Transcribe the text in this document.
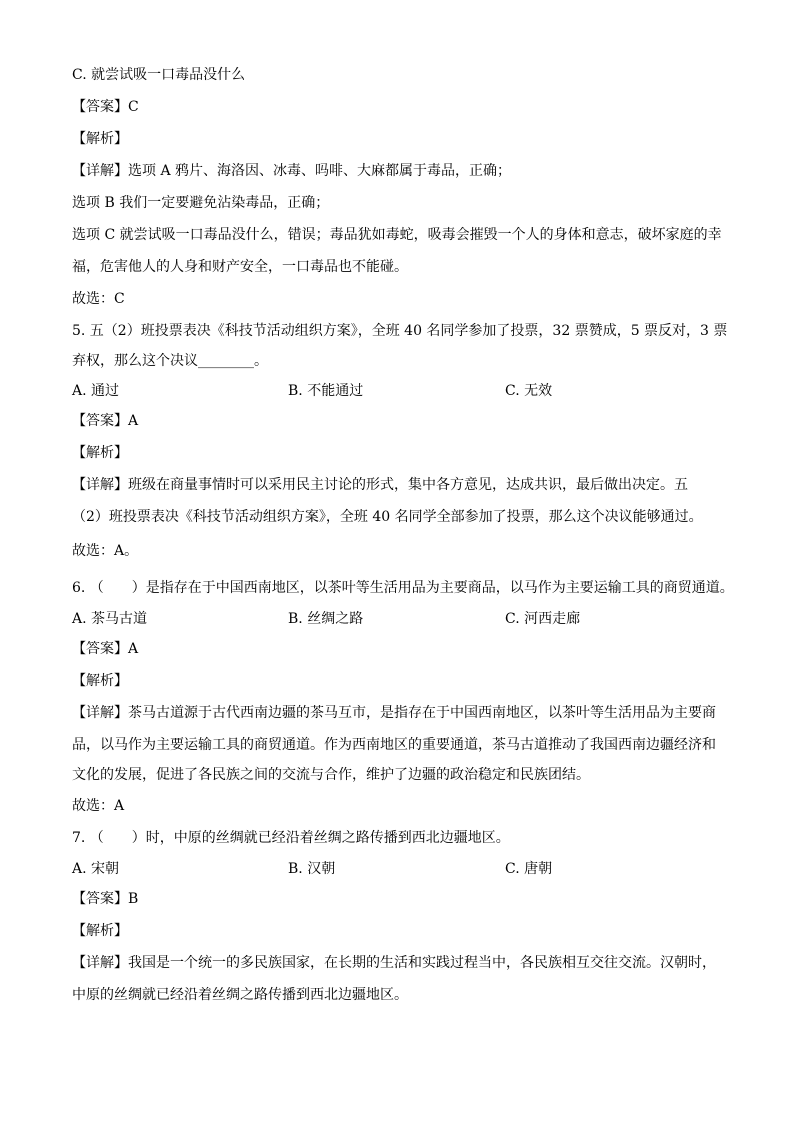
C. 就尝试吸一口毒品没什么
【答案】C
【解析】
【详解】选项 A 鸦片、海洛因、冰毒、吗啡、大麻都属于毒品，正确；
选项 B 我们一定要避免沾染毒品，正确；
选项 C 就尝试吸一口毒品没什么，错误；毒品犹如毒蛇，吸毒会摧毁一个人的身体和意志，破坏家庭的幸
福，危害他人的人身和财产安全，一口毒品也不能碰。
故选：C
5. 五（2）班投票表决《科技节活动组织方案》，全班 40 名同学参加了投票，32 票赞成，5 票反对，3 票
弃权，那么这个决议________。
A. 通过	B. 不能通过	C. 无效
【答案】A
【解析】
【详解】班级在商量事情时可以采用民主讨论的形式，集中各方意见，达成共识，最后做出决定。五
（2）班投票表决《科技节活动组织方案》，全班 40 名同学全部参加了投票，那么这个决议能够通过。
故选：A。
6. （　　）是指存在于中国西南地区，以茶叶等生活用品为主要商品，以马作为主要运输工具的商贸通道。
A. 茶马古道	B. 丝绸之路	C. 河西走廊
【答案】A
【解析】
【详解】茶马古道源于古代西南边疆的茶马互市，是指存在于中国西南地区，以茶叶等生活用品为主要商
品，以马作为主要运输工具的商贸通道。作为西南地区的重要通道，茶马古道推动了我国西南边疆经济和
文化的发展，促进了各民族之间的交流与合作，维护了边疆的政治稳定和民族团结。
故选：A
7. （　　）时，中原的丝绸就已经沿着丝绸之路传播到西北边疆地区。
A. 宋朝	B. 汉朝	C. 唐朝
【答案】B
【解析】
【详解】我国是一个统一的多民族国家，在长期的生活和实践过程当中，各民族相互交往交流。汉朝时，
中原的丝绸就已经沿着丝绸之路传播到西北边疆地区。
